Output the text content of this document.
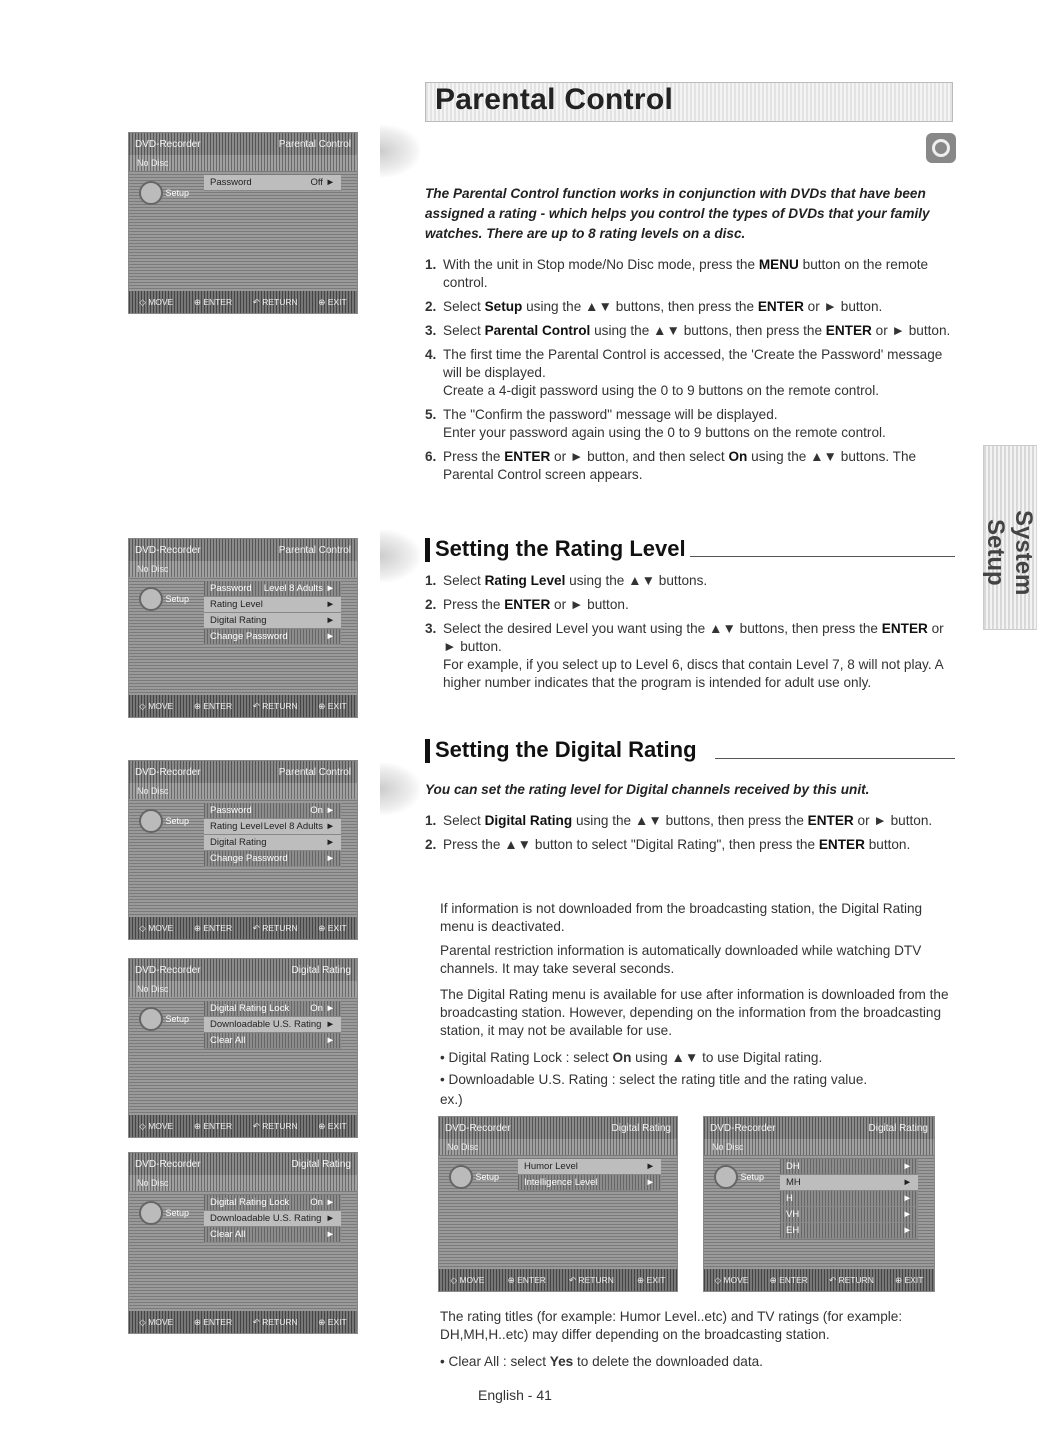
Parental Control
System Setup
The Parental Control function works in conjunction with DVDs that have been assigned a rating - which helps you control the types of DVDs that your family watches. There are up to 8 rating levels on a disc.
1. With the unit in Stop mode/No Disc mode, press the MENU button on the remote control.
2. Select Setup using the ▲▼ buttons, then press the ENTER or ► button.
3. Select Parental Control using the ▲▼ buttons, then press the ENTER or ► button.
4. The first time the Parental Control is accessed, the 'Create the Password' message will be displayed.
Create a 4-digit password using the 0 to 9 buttons on the remote control.
5. The "Confirm the password" message will be displayed.
Enter your password again using the 0 to 9 buttons on the remote control.
6. Press the ENTER or ► button, and then select On using the ▲▼ buttons. The Parental Control screen appears.
Setting the Rating Level
1. Select Rating Level using the ▲▼ buttons.
2. Press the ENTER or ► button.
3. Select the desired Level you want using the ▲▼ buttons, then press the ENTER or ► button.
For example, if you select up to Level 6, discs that contain Level 7, 8 will not play. A higher number indicates that the program is intended for adult use only.
Setting the Digital Rating
You can set the rating level for Digital channels received by this unit.
1. Select Digital Rating using the ▲▼ buttons, then press the ENTER or ► button.
2. Press the ▲▼ button to select "Digital Rating", then press the ENTER button.
If information is not downloaded from the broadcasting station, the Digital Rating menu is deactivated.
Parental restriction information is automatically downloaded while watching DTV channels. It may take several seconds.
The Digital Rating menu is available for use after information is downloaded from the broadcasting station. However, depending on the information from the broadcasting station, it may not be available for use.
• Digital Rating Lock : select On using ▲▼ to use Digital rating.
• Downloadable U.S. Rating : select the rating title and the rating value.
ex.)
The rating titles (for example: Humor Level..etc) and TV ratings (for example: DH,MH,H..etc) may differ depending on the broadcasting station.
• Clear All : select Yes to delete the downloaded data.
English - 41
DVD-Recorder	Parental Control
No Disc
Setup
Password	Off ►
◇ MOVE ⊕ ENTER ↶ RETURN ⊕ EXIT
DVD-Recorder	Parental Control
No Disc
Setup
Password Level 8 Adults ►
Rating Level	►
Digital Rating	►
Change Password	►
◇ MOVE ⊕ ENTER ↶ RETURN ⊕ EXIT
DVD-Recorder	Parental Control
No Disc
Setup
Password	On ►
Rating Level Level 8 Adults ►
Digital Rating	►
Change Password	►
◇ MOVE ⊕ ENTER ↶ RETURN ⊕ EXIT
DVD-Recorder	Digital Rating
No Disc
Setup
Digital Rating Lock On ►
Downloadable U.S. Rating ►
Clear All	►
◇ MOVE ⊕ ENTER ↶ RETURN ⊕ EXIT
DVD-Recorder	Digital Rating
No Disc
Setup
Digital Rating Lock On ►
Downloadable U.S. Rating ►
Clear All	►
◇ MOVE ⊕ ENTER ↶ RETURN ⊕ EXIT
DVD-Recorder	Digital Rating
No Disc
Setup
Humor Level	►
Intelligence Level	►
◇ MOVE	⊕ ENTER	↶ RETURN	⊕ EXIT
DVD-Recorder	Digital Rating
No Disc
Setup
DH	►
MH	►
H	►
VH	►
EH	►
◇ MOVE ⊕ ENTER ↶ RETURN ⊕ EXIT
